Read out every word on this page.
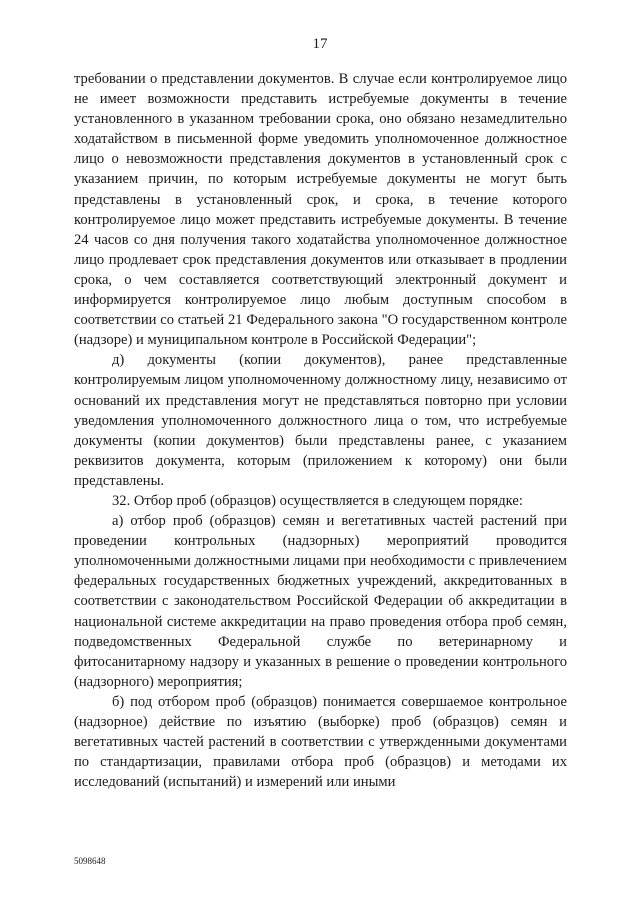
17

требовании о представлении документов. В случае если контролируемое лицо не имеет возможности представить истребуемые документы в течение установленного в указанном требовании срока, оно обязано незамедлительно ходатайством в письменной форме уведомить уполномоченное должностное лицо о невозможности представления документов в установленный срок с указанием причин, по которым истребуемые документы не могут быть представлены в установленный срок, и срока, в течение которого контролируемое лицо может представить истребуемые документы. В течение 24 часов со дня получения такого ходатайства уполномоченное должностное лицо продлевает срок представления документов или отказывает в продлении срока, о чем составляется соответствующий электронный документ и информируется контролируемое лицо любым доступным способом в соответствии со статьей 21 Федерального закона "О государственном контроле (надзоре) и муниципальном контроле в Российской Федерации";

д) документы (копии документов), ранее представленные контролируемым лицом уполномоченному должностному лицу, независимо от оснований их представления могут не представляться повторно при условии уведомления уполномоченного должностного лица о том, что истребуемые документы (копии документов) были представлены ранее, с указанием реквизитов документа, которым (приложением к которому) они были представлены.

32. Отбор проб (образцов) осуществляется в следующем порядке:

а) отбор проб (образцов) семян и вегетативных частей растений при проведении контрольных (надзорных) мероприятий проводится уполномоченными должностными лицами при необходимости с привлечением федеральных государственных бюджетных учреждений, аккредитованных в соответствии с законодательством Российской Федерации об аккредитации в национальной системе аккредитации на право проведения отбора проб семян, подведомственных Федеральной службе по ветеринарному и фитосанитарному надзору и указанных в решение о проведении контрольного (надзорного) мероприятия;

б) под отбором проб (образцов) понимается совершаемое контрольное (надзорное) действие по изъятию (выборке) проб (образцов) семян и вегетативных частей растений в соответствии с утвержденными документами по стандартизации, правилами отбора проб (образцов) и методами их исследований (испытаний) и измерений или иными

5098648
